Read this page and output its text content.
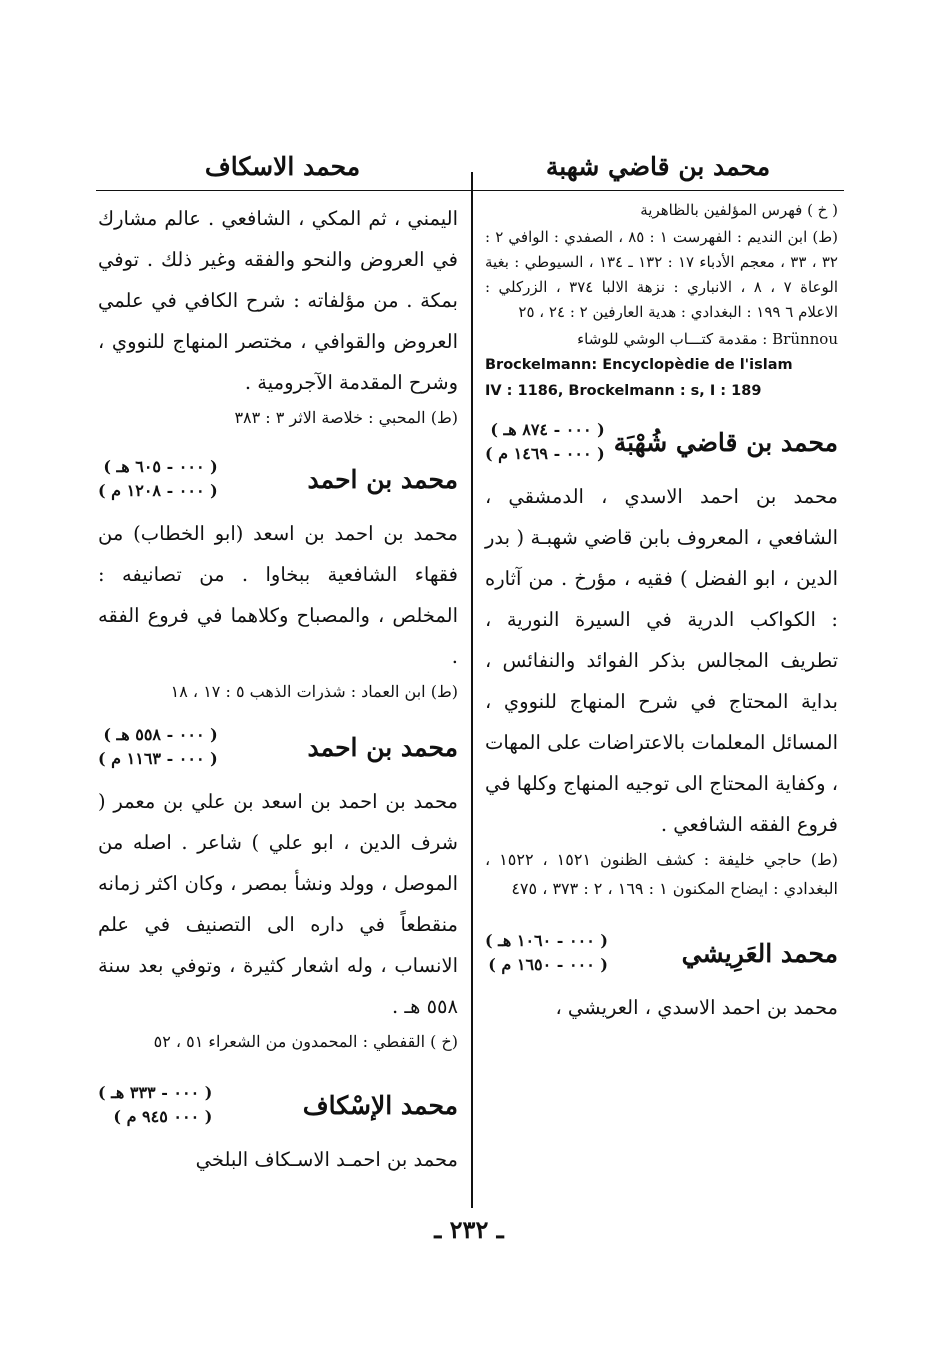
محمد بن قاضي شهبة
محمد الاسكاف

( خ ) فهرس المؤلفين بالظاهرية

(ط) ابن النديم : الفهرست ١ : ٨٥ ، الصفدي : الوافي ٢ : ٣٢ ، ٣٣ ، معجم الأدباء ١٧ : ١٣٢ ـ ١٣٤ ، السيوطي : بغية الوعاة ٧ ، ٨ ، الانباري : نزهة الالبا ٣٧٤ ، الزركلي : الاعلام ٦ ١٩٩ : البغدادي : هدية العارفين ٢ : ٢٤ ، ٢٥

Brünnou : مقدمة كتـــاب الوشي للوشاء

Brockelmann: Encyclopèdie de l'islam

IV : 1186, Brockelmann : s, I : 189

محمد بن قاضي شُهْبَة
( ٠٠٠ - ٨٧٤ هـ )
( ٠٠٠ - ١٤٦٩ م )

محمد بن احمد الاسدي ، الدمشقي ، الشافعي ، المعروف بابن قاضي شهبـة ( بدر الدين ، ابو الفضل ) فقيه ، مؤرخ . من آثاره : الكواكب الدرية في السيرة النورية ، تطريف المجالس بذكر الفوائد والنفائس ، بداية المحتاج في شرح المنهاج للنووي ، المسائل المعلمات بالاعتراضات على المهات ، وكفاية المحتاج الى توجيه المنهاج وكلها في فروع الفقه الشافعي .

(ط) حاجي خليفة : كشف الظنون ١٥٢١ ، ١٥٢٢ ، البغدادي : ايضاح المكنون ١ : ١٦٩ ، ٢ : ٣٧٣ ، ٤٧٥

محمد العَرِيشي
( ٠٠٠ - ١٠٦٠ هـ )
( ٠٠٠ - ١٦٥٠ م )

محمد بن احمد الاسدي ، العريشي ،

اليمني ، ثم المكي ، الشافعي . عالم مشارك في العروض والنحو والفقه وغير ذلك . توفي بمكة . من مؤلفاته : شرح الكافي في علمي العروض والقوافي ، مختصر المنهاج للنووي ، وشرح المقدمة الآجرومية .

(ط) المحبي : خلاصة الاثر ٣ : ٣٨٣

محمد بن احمد
( ٠٠٠ - ٦٠٥ هـ )
( ٠٠٠ - ١٢٠٨ م )

محمد بن احمد بن اسعد (ابو الخطاب) من فقهاء الشافعية ببخاوا . من تصانيفه : المخلص ، والمصباح وكلاهما في فروع الفقه .

(ط) ابن العماد : شذرات الذهب ٥ : ١٧ ، ١٨

محمد بن احمد
( ٠٠٠ - ٥٥٨ هـ )
( ٠٠٠ - ١١٦٣ م )

محمد بن احمد بن اسعد بن علي بن معمر ( شرف الدين ، ابو علي ) شاعر . اصله من الموصل ، وولد ونشأ بمصر ، وكان اكثر زمانه منقطعاً في داره الى التصنيف في علم الانساب ، وله اشعار كثيرة ، وتوفي بعد سنة ٥٥٨ هـ .

(خ ) القفطي : المحمدون من الشعراء ٥١ ، ٥٢

محمد الإسْكاف
( ٠٠٠ - ٣٣٣ هـ )
( ٠٠٠ ٩٤٥ م )

محمد بن احمـد الاسـكاف البلخي

ـ ٢٣٢ ـ
